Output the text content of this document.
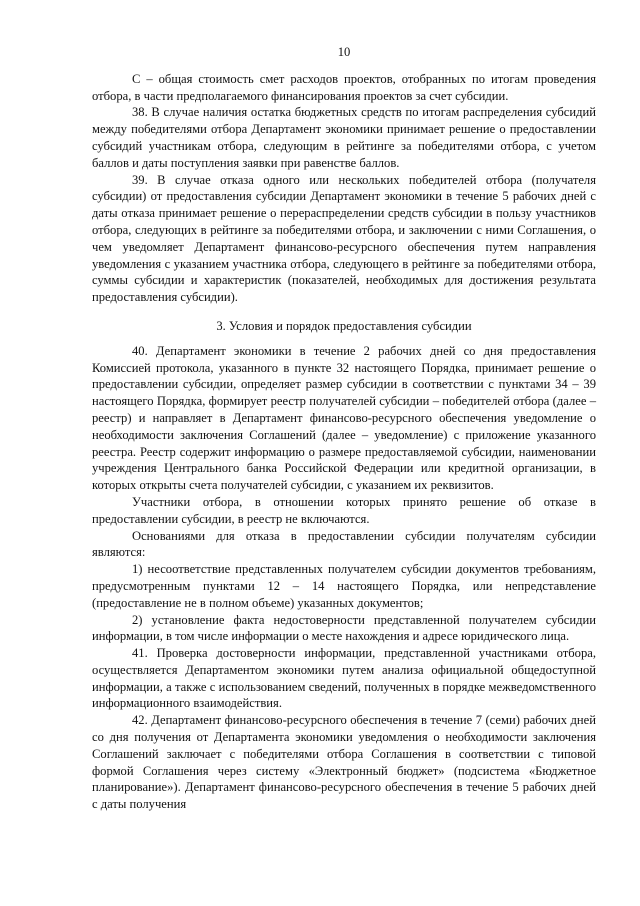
10

С – общая стоимость смет расходов проектов, отобранных по итогам проведения отбора, в части предполагаемого финансирования проектов за счет субсидии.

38. В случае наличия остатка бюджетных средств по итогам распределения субсидий между победителями отбора Департамент экономики принимает решение о предоставлении субсидий участникам отбора, следующим в рейтинге за победителями отбора, с учетом баллов и даты поступления заявки при равенстве баллов.

39. В случае отказа одного или нескольких победителей отбора (получателя субсидии) от предоставления субсидии Департамент экономики в течение 5 рабочих дней с даты отказа принимает решение о перераспределении средств субсидии в пользу участников отбора, следующих в рейтинге за победителями отбора, и заключении с ними Соглашения, о чем уведомляет Департамент финансово-ресурсного обеспечения путем направления уведомления с указанием участника отбора, следующего в рейтинге за победителями отбора, суммы субсидии и характеристик (показателей, необходимых для достижения результата предоставления субсидии).

3. Условия и порядок предоставления субсидии

40. Департамент экономики в течение 2 рабочих дней со дня предоставления Комиссией протокола, указанного в пункте 32 настоящего Порядка, принимает решение о предоставлении субсидии, определяет размер субсидии в соответствии с пунктами 34 – 39 настоящего Порядка, формирует реестр получателей субсидии – победителей отбора (далее – реестр) и направляет в Департамент финансово-ресурсного обеспечения уведомление о необходимости заключения Соглашений (далее – уведомление) с приложение указанного реестра. Реестр содержит информацию о размере предоставляемой субсидии, наименовании учреждения Центрального банка Российской Федерации или кредитной организации, в которых открыты счета получателей субсидии, с указанием их реквизитов.

Участники отбора, в отношении которых принято решение об отказе в предоставлении субсидии, в реестр не включаются.

Основаниями для отказа в предоставлении субсидии получателям субсидии являются:

1) несоответствие представленных получателем субсидии документов требованиям, предусмотренным пунктами 12 – 14 настоящего Порядка, или непредставление (предоставление не в полном объеме) указанных документов;

2) установление факта недостоверности представленной получателем субсидии информации, в том числе информации о месте нахождения и адресе юридического лица.

41. Проверка достоверности информации, представленной участниками отбора, осуществляется Департаментом экономики путем анализа официальной общедоступной информации, а также с использованием сведений, полученных в порядке межведомственного информационного взаимодействия.

42. Департамент финансово-ресурсного обеспечения в течение 7 (семи) рабочих дней со дня получения от Департамента экономики уведомления о необходимости заключения Соглашений заключает с победителями отбора Соглашения в соответствии с типовой формой Соглашения через систему «Электронный бюджет» (подсистема «Бюджетное планирование»). Департамент финансово-ресурсного обеспечения в течение 5 рабочих дней с даты получения
